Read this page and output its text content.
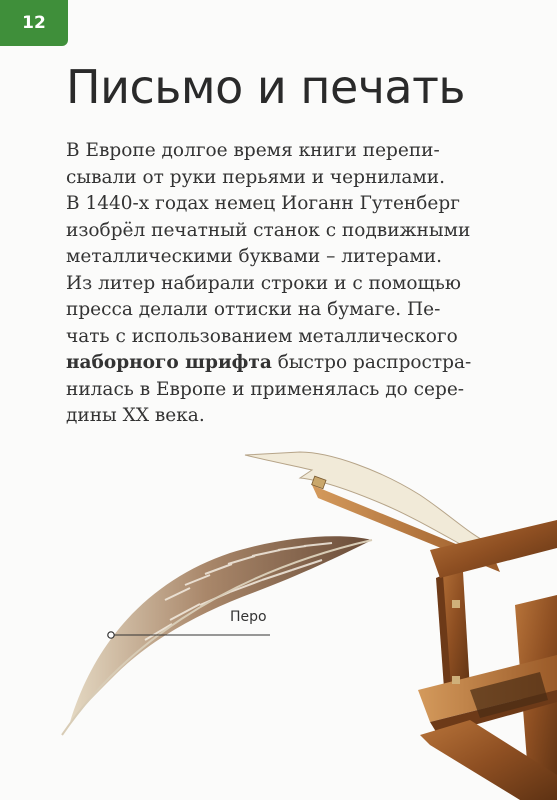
12
Письмо и печать
В Европе долгое время книги перепи-
сывали от руки перьями и чернилами.
В 1440-х годах немец Иоганн Гутенберг
изобрёл печатный станок с подвижными
металлическими буквами – литерами.
Из литер набирали строки и с помощью
пресса делали оттиски на бумаге. Пе-
чать с использованием металлического
наборного шрифта быстро распростра-
нилась в Европе и применялась до сере-
дины XX века.
Перо
